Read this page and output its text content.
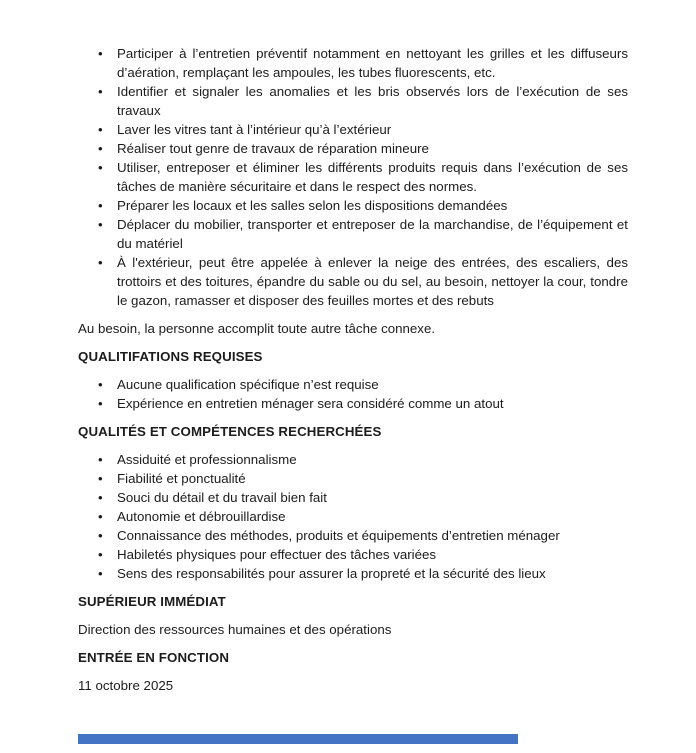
• Participer à l’entretien préventif notamment en nettoyant les grilles et les diffuseurs d’aération, remplaçant les ampoules, les tubes fluorescents, etc.
• Identifier et signaler les anomalies et les bris observés lors de l’exécution de ses travaux
• Laver les vitres tant à l’intérieur qu’à l’extérieur
• Réaliser tout genre de travaux de réparation mineure
• Utiliser, entreposer et éliminer les différents produits requis dans l’exécution de ses tâches de manière sécuritaire et dans le respect des normes.
• Préparer les locaux et les salles selon les dispositions demandées
• Déplacer du mobilier, transporter et entreposer de la marchandise, de l’équipement et du matériel
• À l'extérieur, peut être appelée à enlever la neige des entrées, des escaliers, des trottoirs et des toitures, épandre du sable ou du sel, au besoin, nettoyer la cour, tondre le gazon, ramasser et disposer des feuilles mortes et des rebuts

Au besoin, la personne accomplit toute autre tâche connexe.

QUALITIFATIONS REQUISES
• Aucune qualification spécifique n’est requise
• Expérience en entretien ménager sera considéré comme un atout
QUALITÉS ET COMPÉTENCES RECHERCHÉES
• Assiduité et professionnalisme
• Fiabilité et ponctualité
• Souci du détail et du travail bien fait
• Autonomie et débrouillardise
• Connaissance des méthodes, produits et équipements d’entretien ménager
• Habiletés physiques pour effectuer des tâches variées
• Sens des responsabilités pour assurer la propreté et la sécurité des lieux
SUPÉRIEUR IMMÉDIAT

Direction des ressources humaines et des opérations

ENTRÉE EN FONCTION

11 octobre 2025
